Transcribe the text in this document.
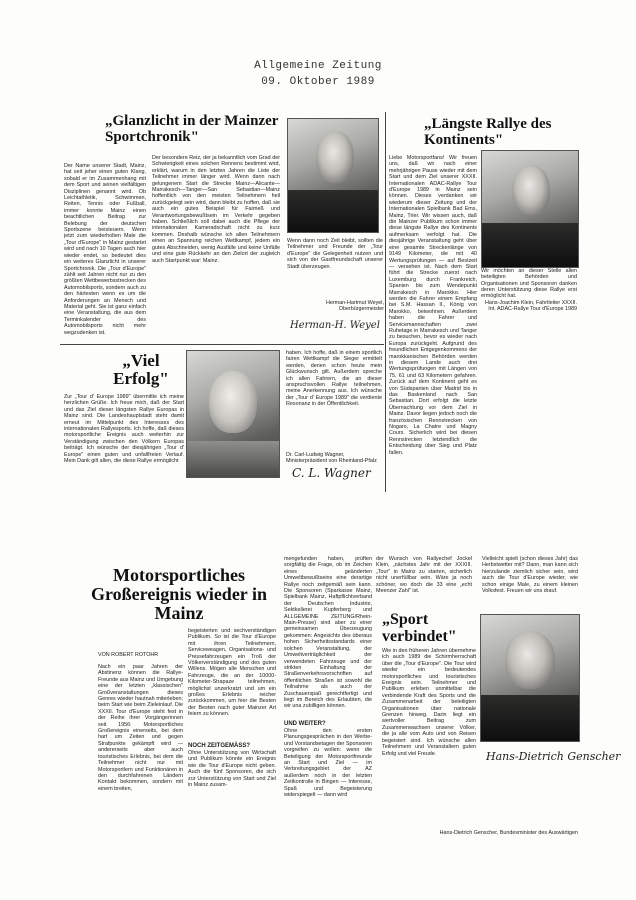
Allgemeine Zeitung
09. Oktober 1989
„Glanzlicht in der Mainzer Sportchronik"
Der Name unserer Stadt, Mainz, hat seit jeher einen guten Klang, sobald er im Zusammenhang mit dem Sport und seinen vielfältigen Disziplinen genannt wird. Ob Leichtathletik, Schwimmen, Reiten, Tennis oder Fußball, immer konnte Mainz einen beachtlichen Beitrag zur Belebung der deutschen Sportszene beisteuern. Wenn jetzt zum wiederholten Male die „Tour d'Europe" in Mainz gestartet wird und nach 10 Tagen auch hier wieder endet, so bedeutet dies ein weiteres Glanzlicht in unserer Sportchronik. Die „Tour d'Europe" zählt seit Jahren nicht nur zu den größten Wettbewerbsstrecken des Automobilsports, sondern auch zu den härtesten wenn es um die Anforderungen an Mensch und Material geht. Sie ist ganz einfach eine Veranstaltung, die aus dem Terminkalender des Automobilsports nicht mehr wegzudenken ist.
Der besondere Reiz, der ja bekanntlich vom Grad der Schwierigkeit eines solchen Rennens bestimmt wird, erklärt, warum in den letzten Jahren die Liste der Teilnehmer immer länger wird. Wenn dann nach gelungenem Start die Strecke Mainz—Alicante—Marrakesch—Tanger—San Sebastian—Mainz hoffentlich von den meisten Teilnehmern heil zurückgelegt sein wird, dann bleibt zu hoffen, daß sie auch ein gutes Beispiel für Fairneß und Verantwortungsbewußtsein im Verkehr gegeben haben. Schließlich soll dabei auch die Pflege der internationalen Kameradschaft nicht zu kurz kommen. Deshalb wünsche ich allen Teilnehmern einen an Spannung reichen Wettkampf, jedem ein gutes Abschneiden, wenig Ausfälle und keine Unfälle und eine gute Rückkehr an den Zielort der zugleich auch Startpunkt war: Mainz.
Wenn dann noch Zeit bleibt, sollten die Teilnehmer und Freunde der „Tour d'Europe" die Gelegenheit nutzen und sich von der Gastfreundschaft unserer Stadt überzeugen.
Herman-Hartmut Weyel, Oberbürgermeister
Herman-H. Weyel
„Längste Rallye des Kontinents"
Liebe Motorsportfans! Wir freuen uns, daß wir nach einer mehrjährigen Pause wieder mit dem Start und dem Ziel unserer XXXII. Internationalen ADAC-Rallye Tour d'Europe 1989 in Mainz sein können. Dieses verdanken wir wiederum dieser Zeitung und der Internationalen Spielbank Bad Ems, Mainz, Trier. Wir wissen auch, daß die Mainzer Publikum schon immer diese längste Rallye des Kontinents aufmerksam verfolgt hat. Die diesjährige Veranstaltung geht über eine gesamte Streckenlänge von 9149 Kilometer, die mit 40 Wertungsprüfungen — auf Bestzeit — versehen ist. Nach dem Start führt die Strecke zuerst nach Luxemburg durch Frankreich, Spanien bis zum Wendepunkt Marrakesch in Marokko. Hier werden die Fahrer einem Empfang bei S.M. Hassan II., König von Marokko, beiwohnen. Außerdem haben die Fahrer und Servicemannschaften zwei Ruhetage in Marrakesch und Tanger zu besuchen, bevor es wieder nach Europa zurückgeht. Aufgrund des freundlichen Entgegenkommens der marokkanischen Behörden werden in diesem Lande auch drei Wertungsprüfungen mit Längen von 75, 61 und 63 Kilometern gefahren. Zurück auf dem Kontinent geht es von Südspanien über Madrid bis in das Baskenland nach San Sebastian. Dort erfolgt die letzte Übernachtung vor dem Ziel in Mainz. Davor liegen jedoch noch die französischen Rennstrecken von Nogaro, La Chatre und Magny Cours. Sicherlich wird bei diesen Rennstrecken letztendlich die Entscheidung über Sieg und Platz fallen.
Wir möchten an dieser Stelle allen beteiligten Behörden und Organisationen und Sponsoren danken deren Unterstützung diese Rallye erst ermöglicht hat.
Hans-Joachim Klein, Fahrtleiter XXXII. Int. ADAC-Rallye Tour d'Europe 1989
„Viel Erfolg"
Zur „Tour d' Europe 1989" übermittle ich meine herzlichen Grüße. Ich freue mich, daß der Start und das Ziel dieser längsten Rallye Europas in Mainz sind. Die Landeshauptstadt steht damit erneut im Mittelpunkt des Interesses des internationalen Rallyesports. Ich hoffe, daß dieses motorsportliche Ereignis auch weiterhin zur Verständigung zwischen den Völkern Europas beiträgt. Ich wünsche der diesjährigen „Tour d' Europe" einen guten und unfallfreien Verlauf. Mein Dank gilt allen, die diese Rallye ermöglicht
haben. Ich hoffe, daß in einem sportlich fairen Wettkampf die Sieger ermittelt werden, denen schon heute mein Glückwunsch gilt. Außerdem spreche ich allen Fahrern, die an dieser anspruchsvollen Rallye teilnehmen, meine Anerkennung aus. Ich wünsche der „Tour d' Europe 1989" die verdiente Resonanz in der Öffentlichkeit.
Dr. Carl-Ludwig Wagner, Ministerpräsident von Rheinland-Pfalz
C. L. Wagner
Motorsportliches Großereignis wieder in Mainz
VON ROBERT ROTOHR
Nach ein paar Jahren der Abstinenz können die Rallye-Freunde aus Mainz und Umgebung eine der letzten „klassischen" Großveranstaltungen dieses Genres wieder hautnah miterleben; beim Start wie beim Zieleinlauf. Die XXXII. Tour d'Europe steht fest in der Reihe ihrer Vorgängerinnen seit 1956: Motorsportliches Großereignis einerseits, bei dem hart um Zeiten und gegen Strafpunkte gekämpft wird — andererseits aber auch touristisches Erlebnis, bei dem die Teilnehmer nicht nur mit Motorsportlern und Funktionären in den durchfahrenen Ländern Kontakt bekommen, sondern mit einem breiten,
begeisterten und sechverständigen Publikum. So ist die Tour d'Europe mit ihren Teilnehmern, Serviceweagen, Organisations- und Pressefahrzeugen ein Troß der Völkerverständigung und des guten Willens. Mögen alle Menschen und Fahrzeuge, die an der 10000-Kilometer-Strapaze teilnehmen, möglichst unzerkratzt und um ein großes Erlebnis reicher zurückkommen, um hier die Besten der Besten nach guter Mainzer Art feiern zu können.
NOCH ZEITGEMÄSS?
Ohne Unterstützung von Wirtschaft und Publikum könnte ein Ereignis wie die Tour d'Europe nicht geben. Auch die fünf Sponsoren, die sich zur Unterstützung von Start und Ziel in Mainz zusam-
mengefunden haben, prüften sorgfältig die Frage, ob im Zeichen eines geänderten Umweltbewußtseins eine derartige Rallye noch zeitgemäß sein kann. Die Sponsoren (Sparkasse Mainz, Spielbank Mainz, Haftpflichtverband der Deutschen Industrie, Sektkellerei Kupferberg und ALLGEMEINE ZEITUNG/Rhein-Main-Presse) sind aber zu einer gemeinsamen Überzeugung gekommen: Angesichts des überaus hohen Sicherheitsstandards einer solchen Veranstaltung, der Umweltverträglichkeit der verwendeten Fahrzeuge und der strikten Einhaltung der Straßenverkehrsvorschriften auf öffentlichen Straßen ist sowohl die Teilnahme als auch der Zuschauerspaß gerechtfertigt und liegt im Bereich des Erlaubten, die wir una zubilligen können.
UND WEITER?
Ohne den ersten Planungsgesprächen in den Werbe- und Vorstandsetagen der Sponsoren vorgreifen zu wollen: wenn die Beteiligung der Motorsportfreunde an Start und Ziel — im Verbreitungsgebiet der AZ außerdem noch in der letzten Zeitkontrolle in Bingen — Interesse, Spaß und Begeisterung widerspiegelt — dann wird
der Wunsch von Rallyechef Jockel Klein, „nächstes Jahr mit der XXXIII. „Tour" in Mainz zu starten, sicherlich nicht unerfüllbar sein. Wäre ja noch schöner, wo doch die 33 eine „echt Meenzer Zahl" ist.
Vielleicht spielt (schon dieses Jahr) das Herbstwetter mit? Dann, man kann sich hierzulande ziemlich sicher sein, wird auch die Tour d'Europe wieder, wie schon einige Male, zu einem kleinen Volksfest. Freuen wir uns drauf.
„Sport verbindet"
Wie in den früheren Jahren übernehme ich auch 1989 die Schirmherrschaft über die „Tour d'Europe". Die Tour wird wieder ein bedeutendes motorsportliches und touristisches Ereignis sein. Teilnehmer und Publikum erleben unmittelbar die verbindende Kraft des Sports und die Zusammenarbeit der beteiligten Organisationen über nationale Grenzen hinweg. Darin liegt ein wertvoller Beitrag zum Zusammenwachsen unserer Völker, die ja alle vom Auto und von Reisen begeistert sind. Ich wünsche allen Teilnehmern und Veranstaltern guten Erfolg und viel Freude.	Hans-Dietrich Genscher
Hans-Dietrich Genscher, Bundesminister des Auswärtigen
